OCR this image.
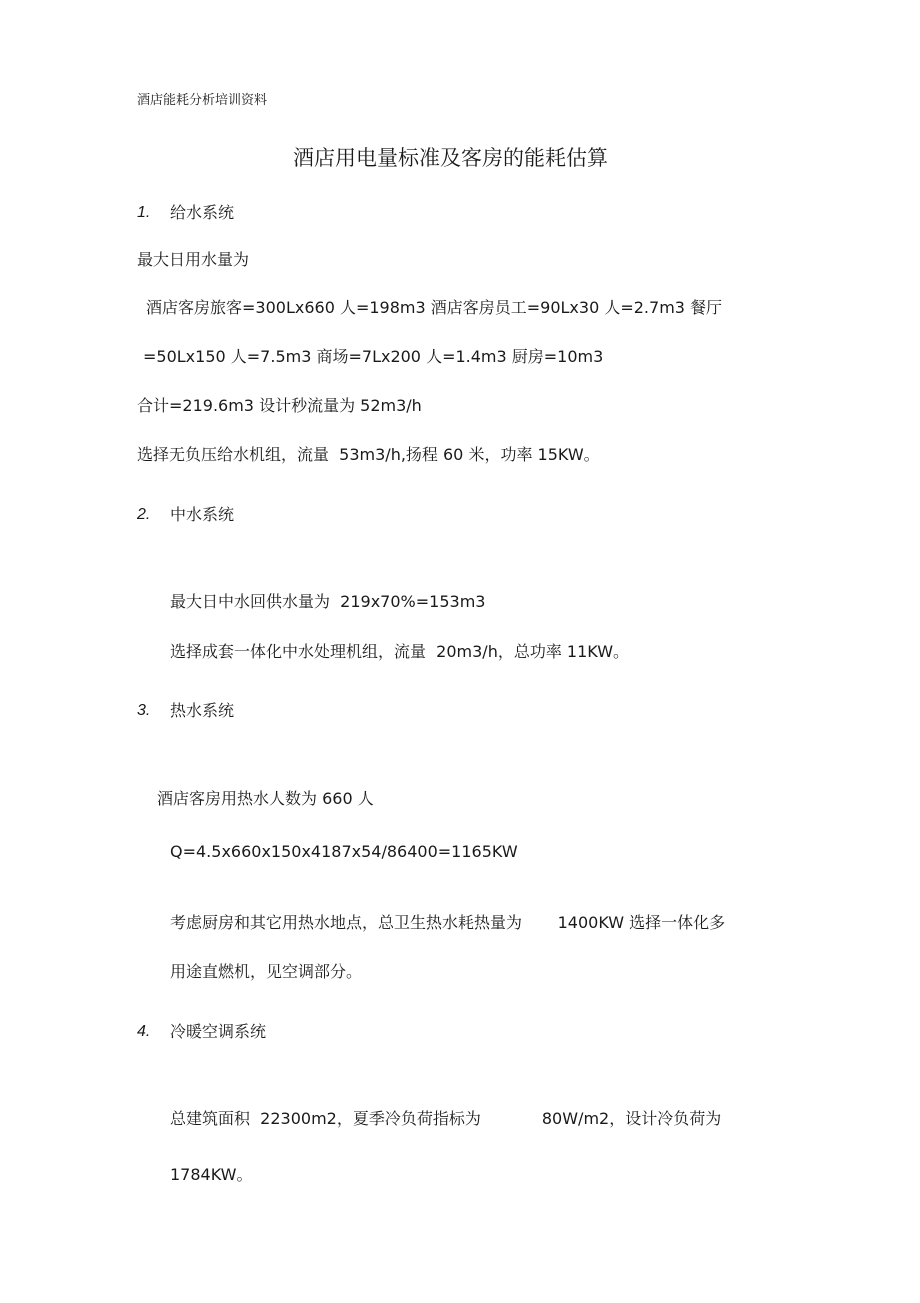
酒店能耗分析培训资料
酒店用电量标准及客房的能耗估算
1. 给水系统
最大日用水量为
酒店客房旅客=300Lx660 人=198m3 酒店客房员工=90Lx30 人=2.7m3 餐厅
=50Lx150 人=7.5m3 商场=7Lx200 人=1.4m3 厨房=10m3
合计=219.6m3 设计秒流量为 52m3/h
选择无负压给水机组，流量  53m3/h,扬程 60 米，功率 15KW。
2. 中水系统
最大日中水回供水量为  219x70%=153m3
选择成套一体化中水处理机组，流量  20m3/h，总功率 11KW。
3. 热水系统
酒店客房用热水人数为 660 人
Q=4.5x660x150x4187x54/86400=1165KW
考虑厨房和其它用热水地点，总卫生热水耗热量为       1400KW 选择一体化多
用途直燃机，见空调部分。
4. 冷暖空调系统
总建筑面积  22300m2，夏季冷负荷指标为            80W/m2，设计冷负荷为
1784KW。
